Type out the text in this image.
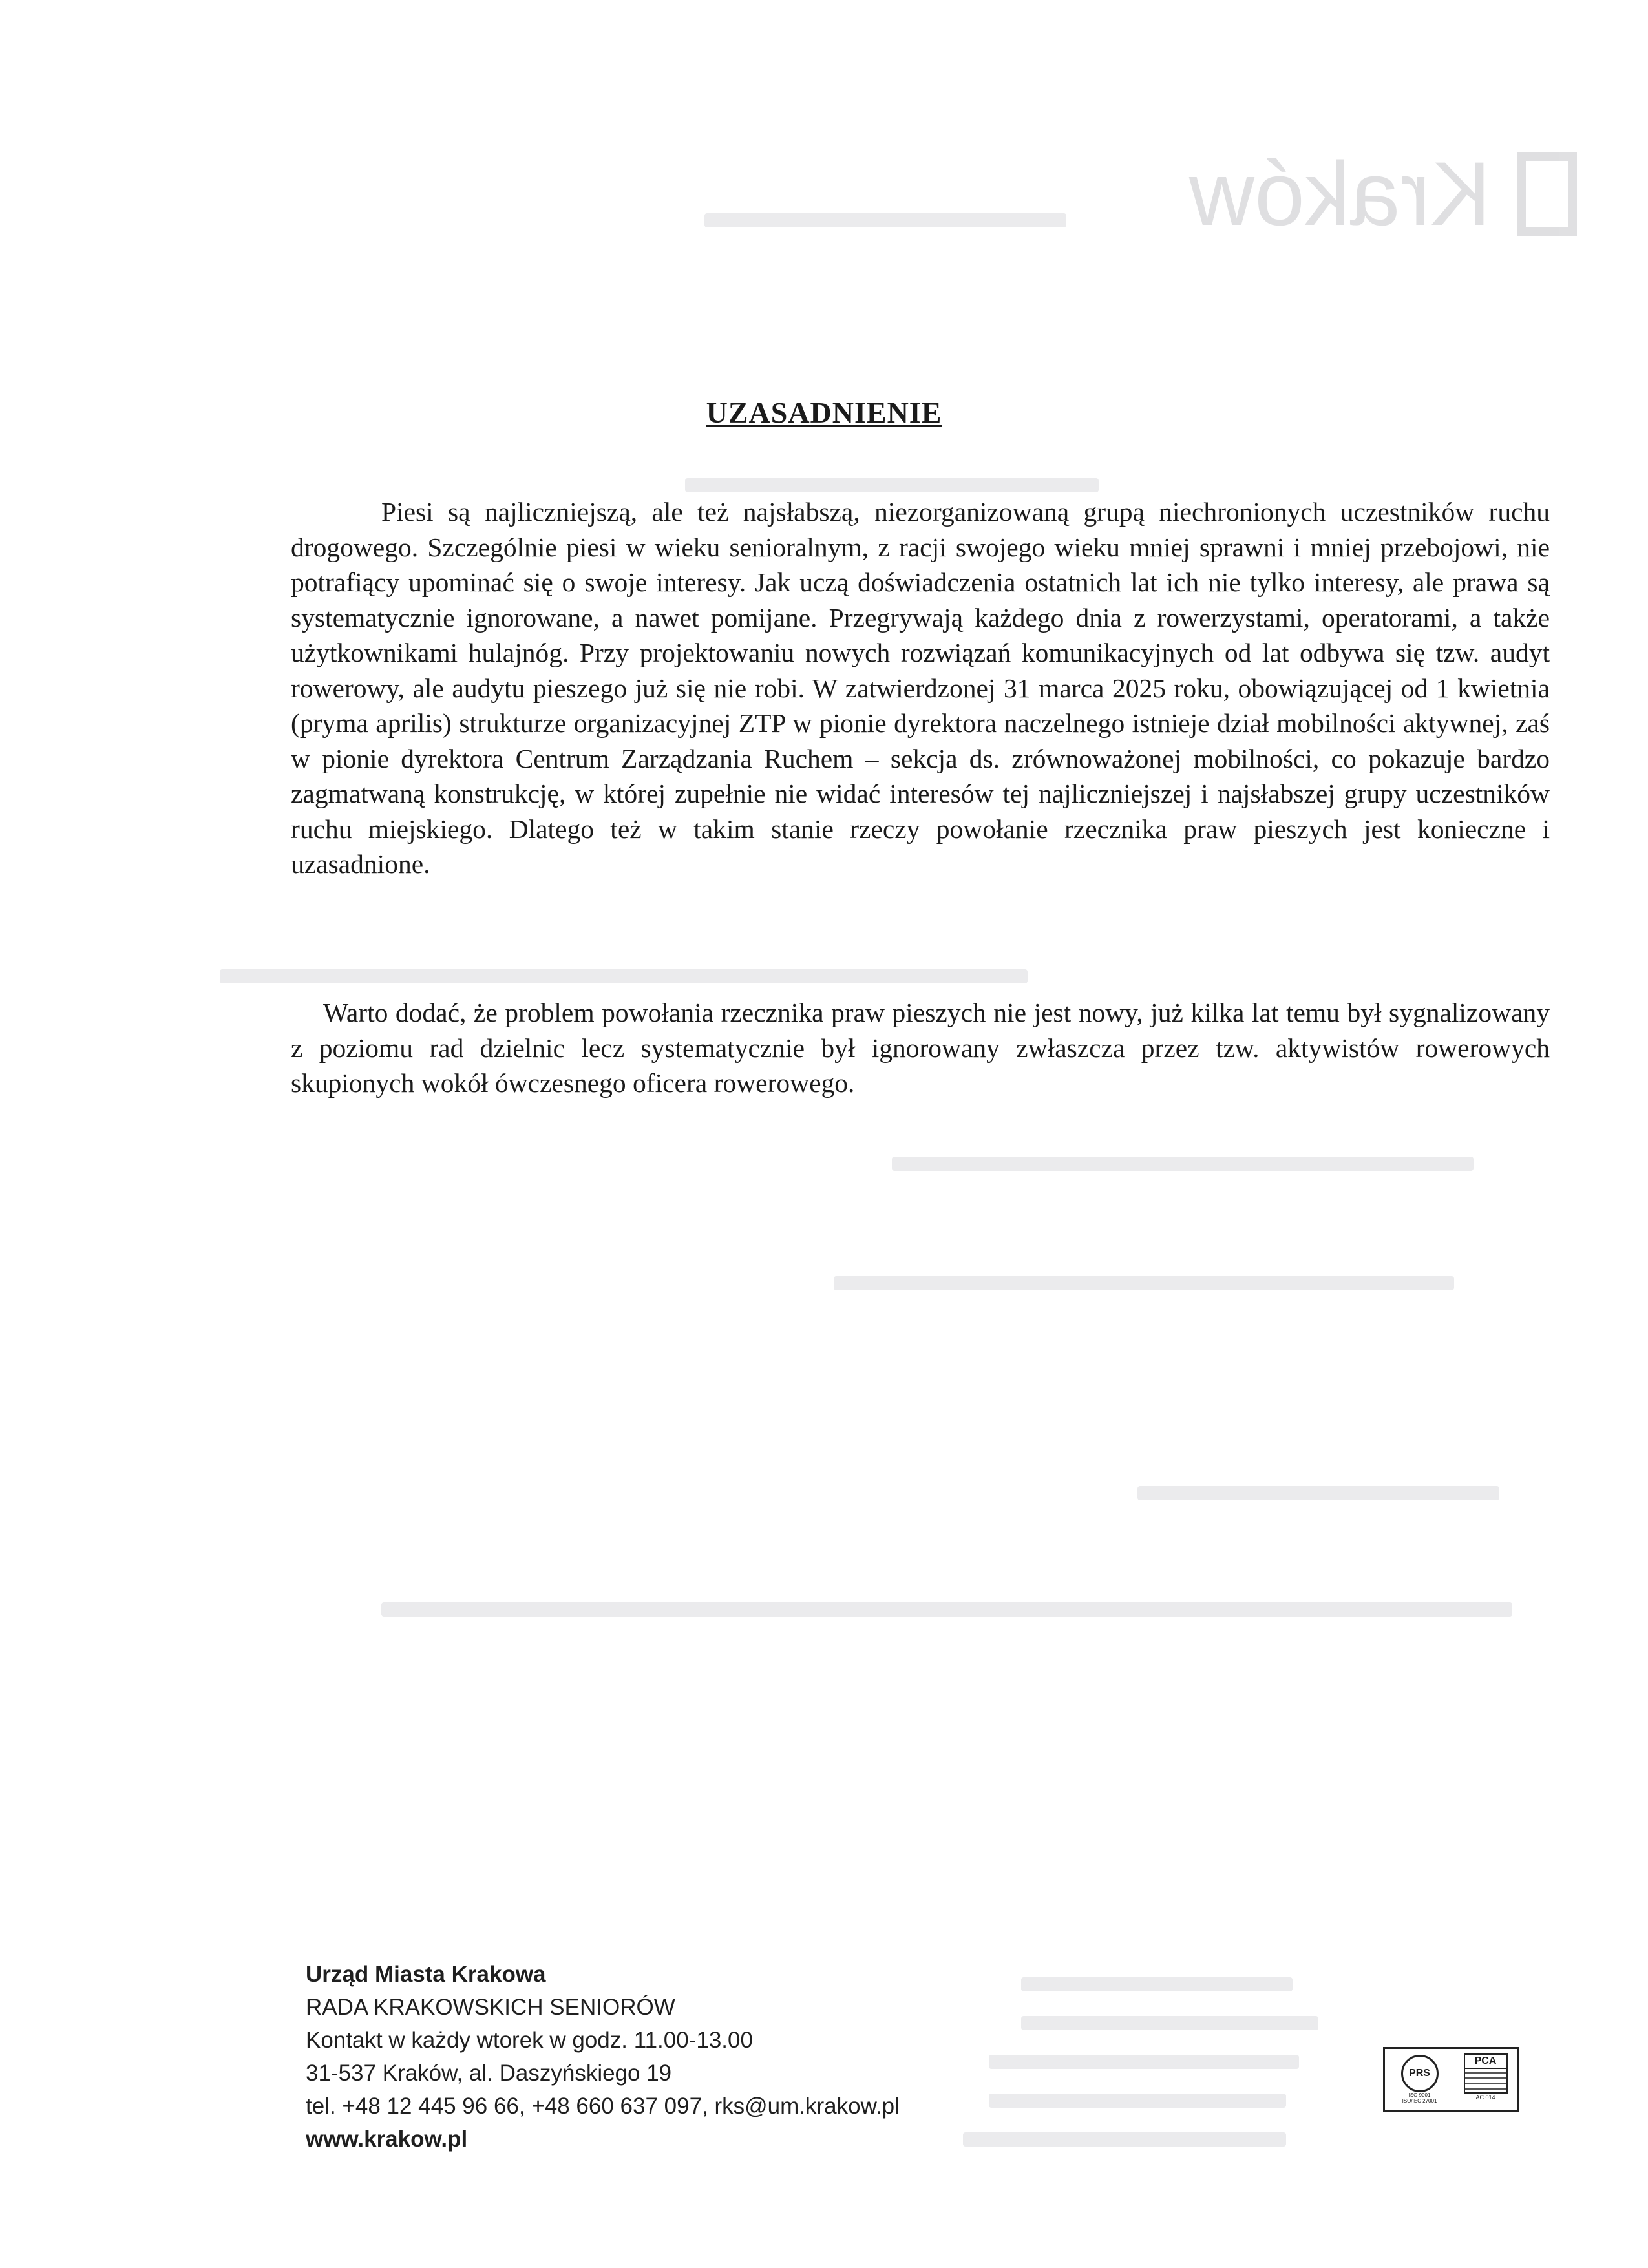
Kraków
UZASADNIENIE

Piesi są najliczniejszą, ale też najsłabszą, niezorganizowaną grupą niechronionych uczestników ruchu drogowego. Szczególnie piesi w wieku senioralnym, z racji swojego wieku mniej sprawni i mniej przebojowi, nie potrafiący upominać się o swoje interesy. Jak uczą doświadczenia ostatnich lat ich nie tylko interesy, ale prawa są systematycznie ignorowane, a nawet pomijane. Przegrywają każdego dnia z rowerzystami, operatorami, a także użytkownikami hulajnóg. Przy projektowaniu nowych rozwiązań komunikacyjnych od lat odbywa się tzw. audyt rowerowy, ale audytu pieszego już się nie robi. W zatwierdzonej 31 marca 2025 roku, obowiązującej od 1 kwietnia (pryma aprilis) strukturze organizacyjnej ZTP w pionie dyrektora naczelnego istnieje dział mobilności aktywnej, zaś w pionie dyrektora Centrum Zarządzania Ruchem – sekcja ds. zrównoważonej mobilności, co pokazuje bardzo zagmatwaną konstrukcję, w której zupełnie nie widać interesów tej najliczniejszej i najsłabszej grupy uczestników ruchu miejskiego. Dlatego też w takim stanie rzeczy powołanie rzecznika praw pieszych jest konieczne i uzasadnione.

Warto dodać, że problem powołania rzecznika praw pieszych nie jest nowy, już kilka lat temu był sygnalizowany z poziomu rad dzielnic lecz systematycznie był ignorowany zwłaszcza przez tzw. aktywistów rowerowych skupionych wokół ówczesnego oficera rowerowego.

Urząd Miasta Krakowa
RADA KRAKOWSKICH SENIORÓW
Kontakt w każdy wtorek w godz. 11.00-13.00
31-537 Kraków, al. Daszyńskiego 19
tel. +48 12 445 96 66, +48 660 637 097, rks@um.krakow.pl
www.krakow.pl
PRS
ISO 9001
ISO/IEC 27001
PCA
AC 014
